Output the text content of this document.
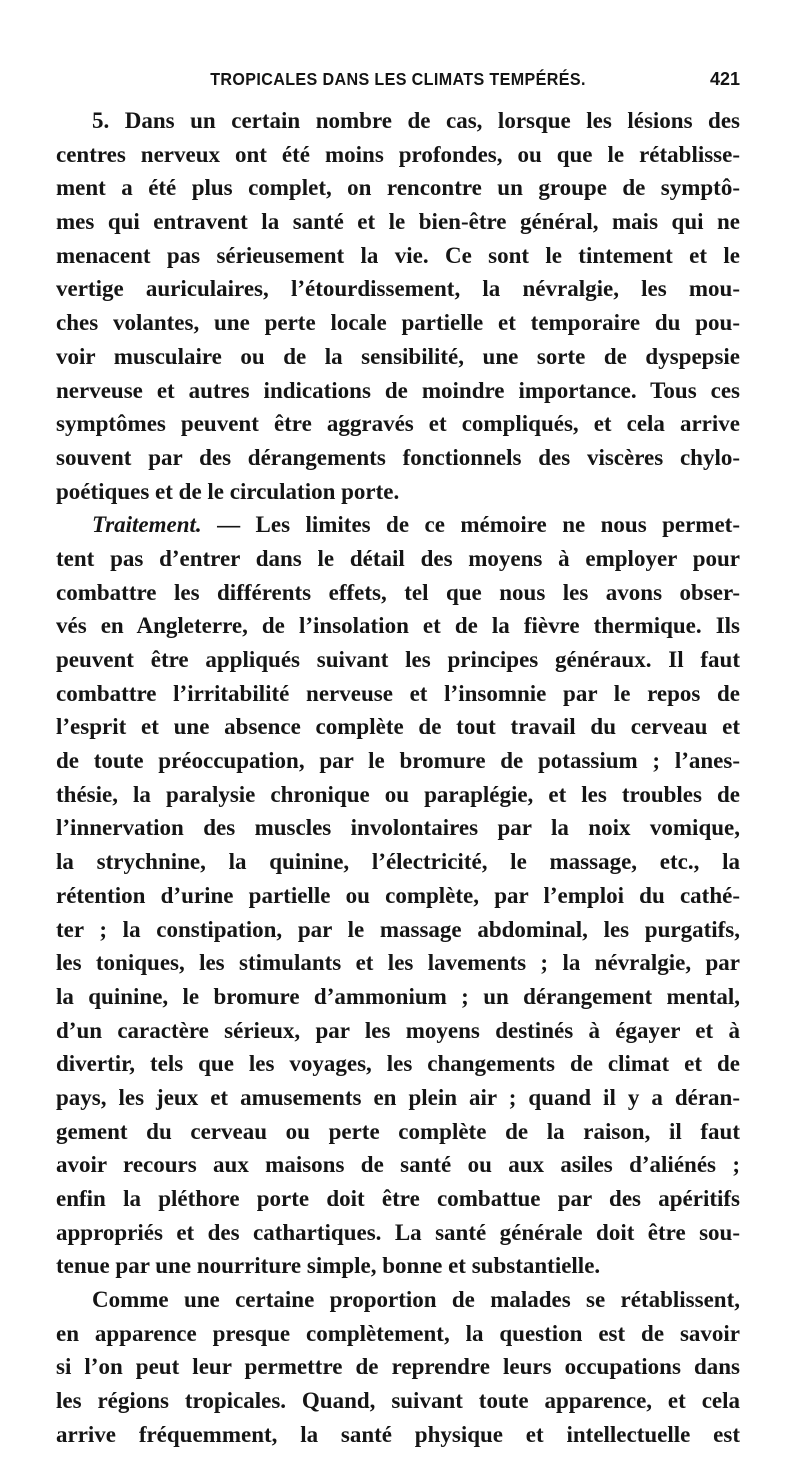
TROPICALES DANS LES CLIMATS TEMPÉRÉS.	421
5. Dans un certain nombre de cas, lorsque les lésions des
centres nerveux ont été moins profondes, ou que le rétablisse-
ment a été plus complet, on rencontre un groupe de symptô-
mes qui entravent la santé et le bien-être général, mais qui ne
menacent pas sérieusement la vie. Ce sont le tintement et le
vertige auriculaires, l’étourdissement, la névralgie, les mou-
ches volantes, une perte locale partielle et temporaire du pou-
voir musculaire ou de la sensibilité, une sorte de dyspepsie
nerveuse et autres indications de moindre importance. Tous ces
symptômes peuvent être aggravés et compliqués, et cela arrive
souvent par des dérangements fonctionnels des viscères chylo-
poétiques et de le circulation porte.
Traitement. — Les limites de ce mémoire ne nous permet-
tent pas d’entrer dans le détail des moyens à employer pour
combattre les différents effets, tel que nous les avons obser-
vés en Angleterre, de l’insolation et de la fièvre thermique. Ils
peuvent être appliqués suivant les principes généraux. Il faut
combattre l’irritabilité nerveuse et l’insomnie par le repos de
l’esprit et une absence complète de tout travail du cerveau et
de toute préoccupation, par le bromure de potassium ; l’anes-
thésie, la paralysie chronique ou paraplégie, et les troubles de
l’innervation des muscles involontaires par la noix vomique,
la strychnine, la quinine, l’électricité, le massage, etc., la
rétention d’urine partielle ou complète, par l’emploi du cathé-
ter ; la constipation, par le massage abdominal, les purgatifs,
les toniques, les stimulants et les lavements ; la névralgie, par
la quinine, le bromure d’ammonium ; un dérangement mental,
d’un caractère sérieux, par les moyens destinés à égayer et à
divertir, tels que les voyages, les changements de climat et de
pays, les jeux et amusements en plein air ; quand il y a déran-
gement du cerveau ou perte complète de la raison, il faut
avoir recours aux maisons de santé ou aux asiles d’aliénés ;
enfin la pléthore porte doit être combattue par des apéritifs
appropriés et des cathartiques. La santé générale doit être sou-
tenue par une nourriture simple, bonne et substantielle.
Comme une certaine proportion de malades se rétablissent,
en apparence presque complètement, la question est de savoir
si l’on peut leur permettre de reprendre leurs occupations dans
les régions tropicales. Quand, suivant toute apparence, et cela
arrive fréquemment, la santé physique et intellectuelle est
